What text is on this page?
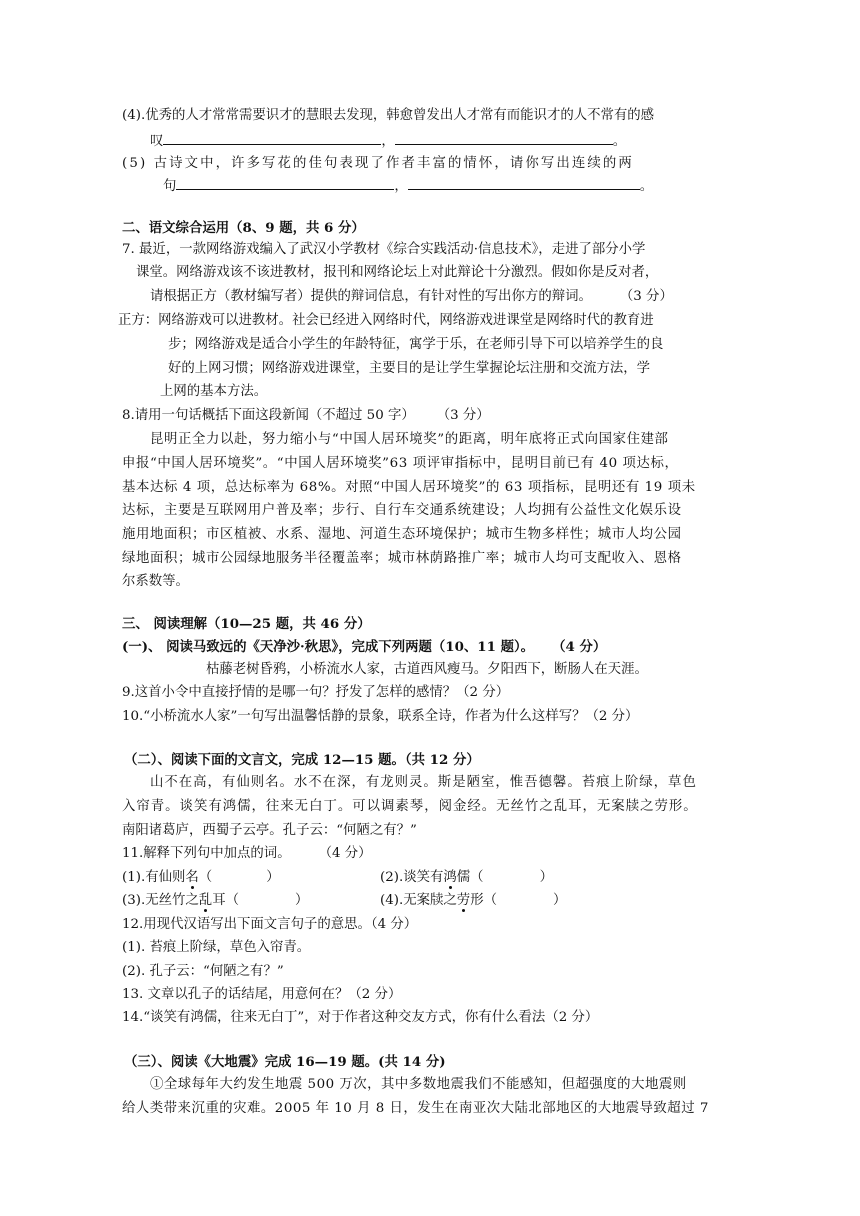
(4).优秀的人才常常需要识才的慧眼去发现，韩愈曾发出人才常有而能识才的人不常有的感
叹	，	。
(5) 古诗文中，许多写花的佳句表现了作者丰富的情怀，请你写出连续的两
句	，	。
二、语文综合运用（8、9 题，共 6 分）
7. 最近，一款网络游戏编入了武汉小学教材《综合实践活动·信息技术》，走进了部分小学
课堂。网络游戏该不该进教材，报刊和网络论坛上对此辩论十分激烈。假如你是反对者，
请根据正方（教材编写者）提供的辩词信息，有针对性的写出你方的辩词。 （3 分）
正方：网络游戏可以进教材。社会已经进入网络时代，网络游戏进课堂是网络时代的教育进
步；网络游戏是适合小学生的年龄特征，寓学于乐，在老师引导下可以培养学生的良
好的上网习惯；网络游戏进课堂，主要目的是让学生掌握论坛注册和交流方法，学
上网的基本方法。
8.请用一句话概括下面这段新闻（不超过 50 字） （3 分）
昆明正全力以赴，努力缩小与“中国人居环境奖”的距离，明年底将正式向国家住建部
申报“中国人居环境奖”。“中国人居环境奖”63 项评审指标中，昆明目前已有 40 项达标，
基本达标 4 项，总达标率为 68%。对照“中国人居环境奖”的 63 项指标，昆明还有 19 项未
达标，主要是互联网用户普及率；步行、自行车交通系统建设；人均拥有公益性文化娱乐设
施用地面积；市区植被、水系、湿地、河道生态环境保护；城市生物多样性；城市人均公园
绿地面积；城市公园绿地服务半径覆盖率；城市林荫路推广率；城市人均可支配收入、恩格
尔系数等。
三、 阅读理解（10—25 题，共 46 分）
(一)、 阅读马致远的《天净沙·秋思》，完成下列两题（10、11 题）。 （4 分）
枯藤老树昏鸦，小桥流水人家，古道西风瘦马。夕阳西下，断肠人在天涯。
9.这首小令中直接抒情的是哪一句？抒发了怎样的感情？（2 分）
10.“小桥流水人家”一句写出温馨恬静的景象，联系全诗，作者为什么这样写？（2 分）
（二）、阅读下面的文言文，完成 12—15 题。（共 12 分）
山不在高，有仙则名。水不在深，有龙则灵。斯是陋室，惟吾德馨。苔痕上阶绿，草色
入帘青。谈笑有鸿儒，往来无白丁。可以调素琴，阅金经。无丝竹之乱耳，无案牍之劳形。
南阳诸葛庐，西蜀子云亭。孔子云：“何陋之有？”
11.解释下列句中加点的词。 （4 分）
(1).有仙则名（	）	(2).谈笑有鸿儒（	）
(3).无丝竹之乱耳（	）	(4).无案牍之劳形（	）
12.用现代汉语写出下面文言句子的意思。（4 分）
(1). 苔痕上阶绿，草色入帘青。
(2). 孔子云：“何陋之有？”
13. 文章以孔子的话结尾，用意何在？（2 分）
14.“谈笑有鸿儒，往来无白丁”，对于作者这种交友方式，你有什么看法（2 分）
（三）、阅读《大地震》完成 16—19 题。(共 14 分)
①全球每年大约发生地震 500 万次，其中多数地震我们不能感知，但超强度的大地震则
给人类带来沉重的灾难。2005 年 10 月 8 日，发生在南亚次大陆北部地区的大地震导致超过 7
